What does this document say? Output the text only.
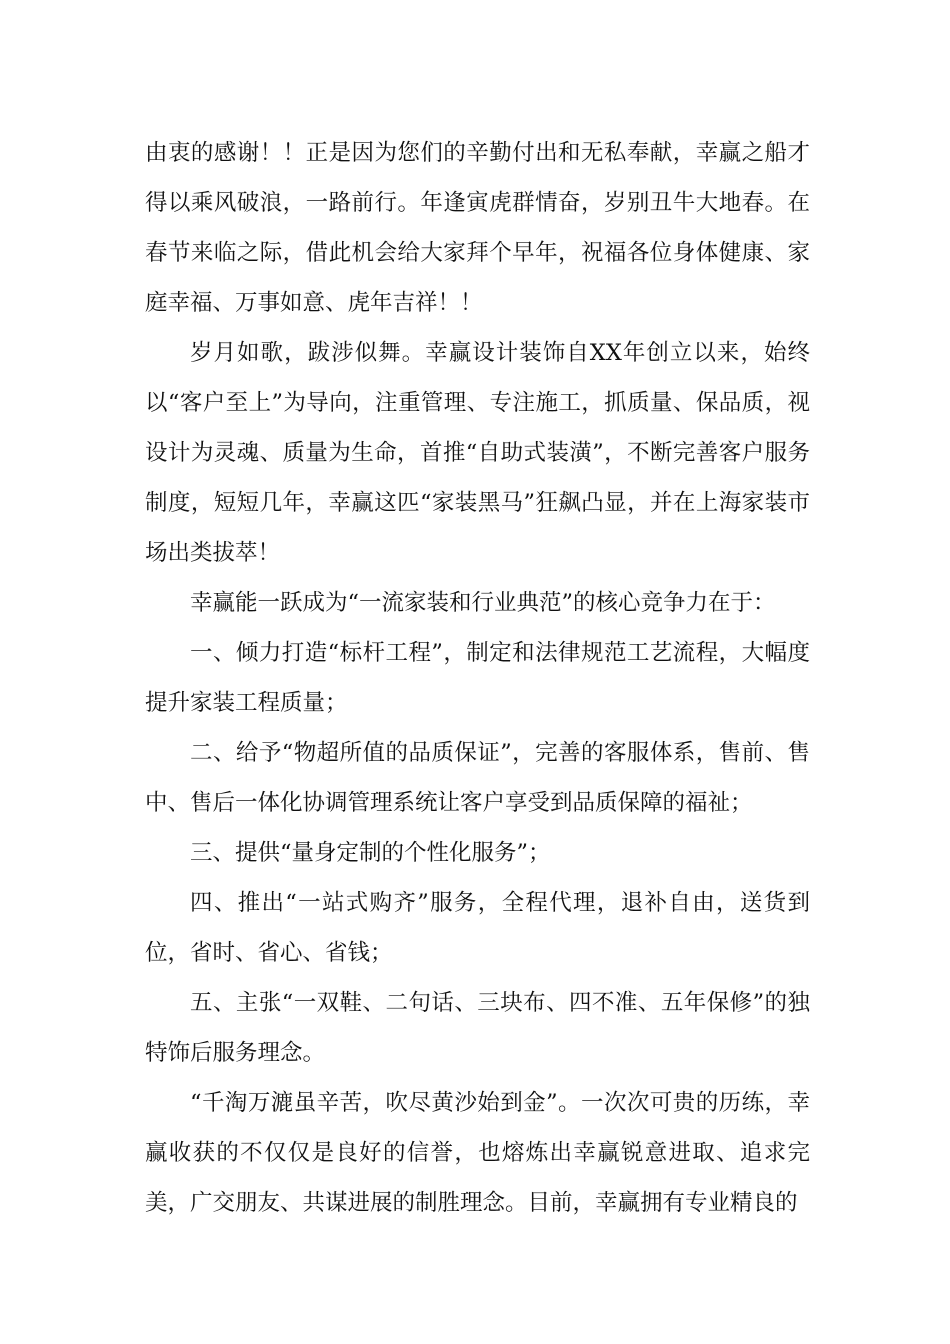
由衷的感谢！！正是因为您们的辛勤付出和无私奉献，幸赢之船才得以乘风破浪，一路前行。年逢寅虎群情奋，岁别丑牛大地春。在春节来临之际，借此机会给大家拜个早年，祝福各位身体健康、家庭幸福、万事如意、虎年吉祥！！

岁月如歌，跋涉似舞。幸赢设计装饰自XX年创立以来，始终以“客户至上”为导向，注重管理、专注施工，抓质量、保品质，视设计为灵魂、质量为生命，首推“自助式装潢”，不断完善客户服务制度，短短几年，幸赢这匹“家装黑马”狂飙凸显，并在上海家装市场出类拔萃！

幸赢能一跃成为“一流家装和行业典范”的核心竞争力在于：

一、倾力打造“标杆工程”，制定和法律规范工艺流程，大幅度提升家装工程质量；

二、给予“物超所值的品质保证”，完善的客服体系，售前、售中、售后一体化协调管理系统让客户享受到品质保障的福祉；

三、提供“量身定制的个性化服务”；

四、推出“一站式购齐”服务，全程代理，退补自由，送货到位，省时、省心、省钱；

五、主张“一双鞋、二句话、三块布、四不准、五年保修”的独特饰后服务理念。

“千淘万漉虽辛苦，吹尽黄沙始到金”。一次次可贵的历练，幸赢收获的不仅仅是良好的信誉，也熔炼出幸赢锐意进取、追求完美，广交朋友、共谋进展的制胜理念。目前，幸赢拥有专业精良的
